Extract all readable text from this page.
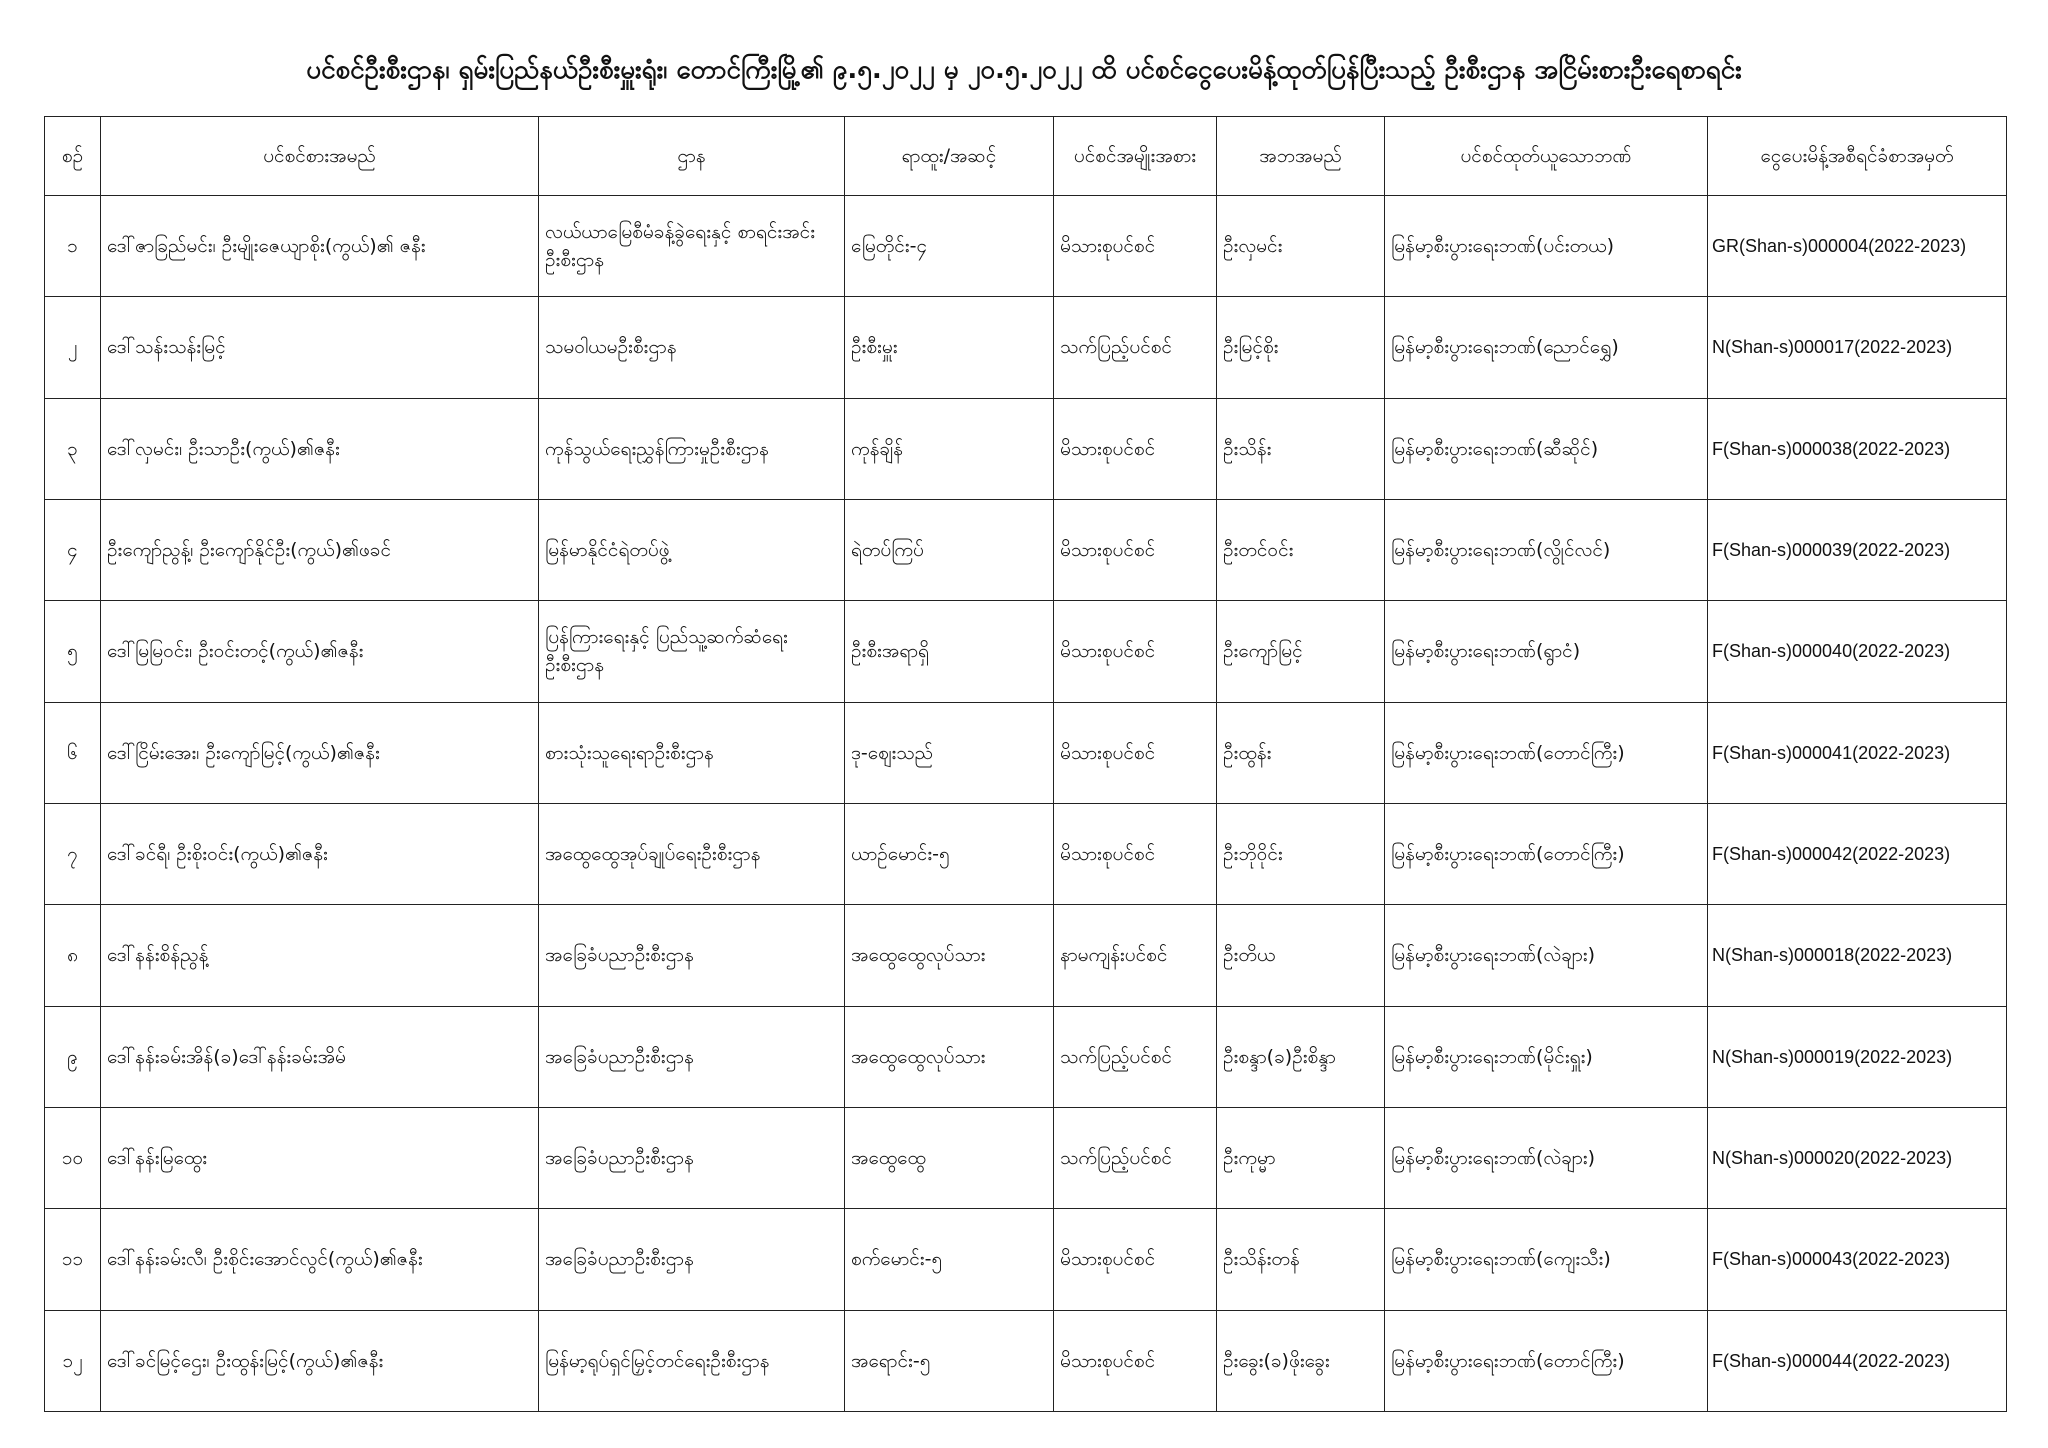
ပင်စင်ဦးစီးဌာန၊ ရှမ်းပြည်နယ်ဦးစီးမှူးရုံး၊ တောင်ကြီးမြို့၏ ၉.၅.၂၀၂၂ မှ ၂၀.၅.၂၀၂၂ ထိ ပင်စင်ငွေပေးမိန့်ထုတ်ပြန်ပြီးသည့် ဦးစီးဌာန အငြိမ်းစားဦးရေစာရင်း
စဉ်	ပင်စင်စားအမည်	ဌာန	ရာထူး/အဆင့်	ပင်စင်အမျိုးအစား	အဘအမည်	ပင်စင်ထုတ်ယူသောဘဏ်	ငွေပေးမိန့်အစီရင်ခံစာအမှတ်
၁	ဒေါ်ဇာခြည်မင်း၊ ဦးမျိုးဇေယျာစိုး(ကွယ်)၏ ဇနီး	လယ်ယာမြေစီမံခန့်ခွဲရေးနှင့် စာရင်းအင်းဦးစီးဌာန	မြေတိုင်း-၄	မိသားစုပင်စင်	ဦးလှမင်း	မြန်မာ့စီးပွားရေးဘဏ်(ပင်းတယ)	GR(Shan-s)000004(2022-2023)
၂	ဒေါ်သန်းသန်းမြင့်	သမဝါယမဦးစီးဌာန	ဦးစီးမှူး	သက်ပြည့်ပင်စင်	ဦးမြင့်စိုး	မြန်မာ့စီးပွားရေးဘဏ်(ညောင်ရွှေ)	N(Shan-s)000017(2022-2023)
၃	ဒေါ်လှမင်း၊ ဦးသာဦး(ကွယ်)၏ဇနီး	ကုန်သွယ်ရေးညွှန်ကြားမှုဦးစီးဌာန	ကုန်ချိန်	မိသားစုပင်စင်	ဦးသိန်း	မြန်မာ့စီးပွားရေးဘဏ်(ဆီဆိုင်)	F(Shan-s)000038(2022-2023)
၄	ဦးကျော်ညွန့်၊ ဦးကျော်နိုင်ဦး(ကွယ်)၏ဖခင်	မြန်မာနိုင်ငံရဲတပ်ဖွဲ့	ရဲတပ်ကြပ်	မိသားစုပင်စင်	ဦးတင်ဝင်း	မြန်မာ့စီးပွားရေးဘဏ်(လွိုင်လင်)	F(Shan-s)000039(2022-2023)
၅	ဒေါ်မြမြဝင်း၊ ဦးဝင်းတင့်(ကွယ်)၏ဇနီး	ပြန်ကြားရေးနှင့် ပြည်သူ့ဆက်ဆံရေးဦးစီးဌာန	ဦးစီးအရာရှိ	မိသားစုပင်စင်	ဦးကျော်မြင့်	မြန်မာ့စီးပွားရေးဘဏ်(ရွာငံ)	F(Shan-s)000040(2022-2023)
၆	ဒေါ်ငြိမ်းအေး၊ ဦးကျော်မြင့်(ကွယ်)၏ဇနီး	စားသုံးသူရေးရာဦးစီးဌာန	ဒု-ဈေးသည်	မိသားစုပင်စင်	ဦးထွန်း	မြန်မာ့စီးပွားရေးဘဏ်(တောင်ကြီး)	F(Shan-s)000041(2022-2023)
၇	ဒေါ်ခင်ရီ၊ ဦးစိုးဝင်း(ကွယ်)၏ဇနီး	အထွေထွေအုပ်ချုပ်ရေးဦးစီးဌာန	ယာဉ်မောင်း-၅	မိသားစုပင်စင်	ဦးဘိုဝိုင်း	မြန်မာ့စီးပွားရေးဘဏ်(တောင်ကြီး)	F(Shan-s)000042(2022-2023)
၈	ဒေါ်နန်းစိန်ညွန့်	အခြေခံပညာဦးစီးဌာန	အထွေထွေလုပ်သား	နာမကျန်းပင်စင်	ဦးတိယ	မြန်မာ့စီးပွားရေးဘဏ်(လဲချား)	N(Shan-s)000018(2022-2023)
၉	ဒေါ်နန်းခမ်းအိန်(ခ)ဒေါ်နန်းခမ်းအိမ်	အခြေခံပညာဦးစီးဌာန	အထွေထွေလုပ်သား	သက်ပြည့်ပင်စင်	ဦးစန္ဒာ(ခ)ဦးစိန္ဒာ	မြန်မာ့စီးပွားရေးဘဏ်(မိုင်းရှူး)	N(Shan-s)000019(2022-2023)
၁၀	ဒေါ်နန်းမြထွေး	အခြေခံပညာဦးစီးဌာန	အထွေထွေ	သက်ပြည့်ပင်စင်	ဦးကုမ္မာ	မြန်မာ့စီးပွားရေးဘဏ်(လဲချား)	N(Shan-s)000020(2022-2023)
၁၁	ဒေါ်နန်းခမ်းလီ၊ ဦးစိုင်းအောင်လွင်(ကွယ်)၏ဇနီး	အခြေခံပညာဦးစီးဌာန	စက်မောင်း-၅	မိသားစုပင်စင်	ဦးသိန်းတန်	မြန်မာ့စီးပွားရေးဘဏ်(ကျေးသီး)	F(Shan-s)000043(2022-2023)
၁၂	ဒေါ်ခင်မြင့်ဌေး၊ ဦးထွန်းမြင့်(ကွယ်)၏ဇနီး	မြန်မာ့ရုပ်ရှင်မြှင့်တင်ရေးဦးစီးဌာန	အရောင်း-၅	မိသားစုပင်စင်	ဦးခွေး(ခ)ဖိုးခွေး	မြန်မာ့စီးပွားရေးဘဏ်(တောင်ကြီး)	F(Shan-s)000044(2022-2023)
